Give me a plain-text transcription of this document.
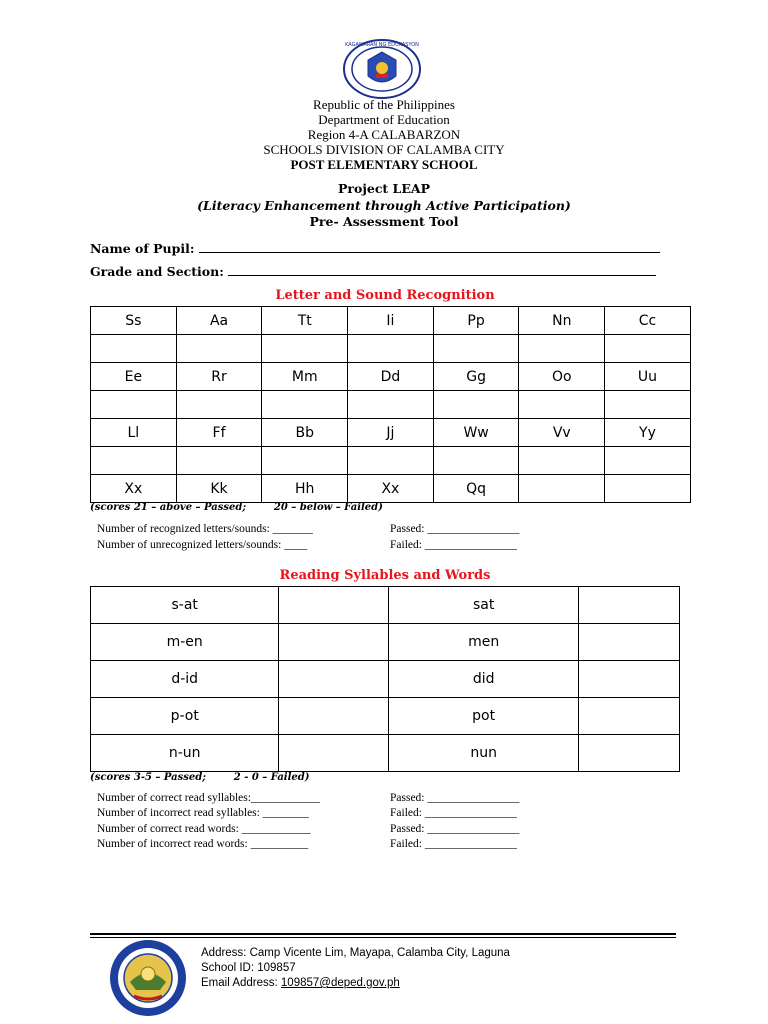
KAGAWARAN NG EDUKASYON
Republic of the Philippines
Department of Education
Region 4-A CALABARZON
SCHOOLS DIVISION OF CALAMBA CITY
POST ELEMENTARY SCHOOL
Project LEAP
(Literacy Enhancement through Active Participation)
Pre- Assessment Tool
Name of Pupil:
Grade and Section:
Letter and Sound Recognition
Ss	Aa	Tt	Ii	Pp	Nn	Cc

Ee	Rr	Mm	Dd	Gg	Oo	Uu

Ll	Ff	Bb	Jj	Ww	Vv	Yy

Xx	Kk	Hh	Xx	Qq		
(scores 21 – above – Passed;        20 – below – Failed)
Number of recognized letters/sounds: _______
Number of unrecognized letters/sounds: ____
Passed: ________________
Failed: ________________
Reading Syllables and Words
s-at		sat	
m-en		men	
d-id		did	
p-ot		pot	
n-un		nun	
(scores 3-5 – Passed;        2 - 0 – Failed)
Number of correct read syllables:____________
Number of incorrect read syllables: ________
Number of correct read words: ____________
Number of incorrect read words: __________
Passed: ________________
Failed: ________________
Passed: ________________
Failed: ________________
Address: Camp Vicente Lim, Mayapa, Calamba City, Laguna
School ID: 109857
Email Address: 109857@deped.gov.ph
